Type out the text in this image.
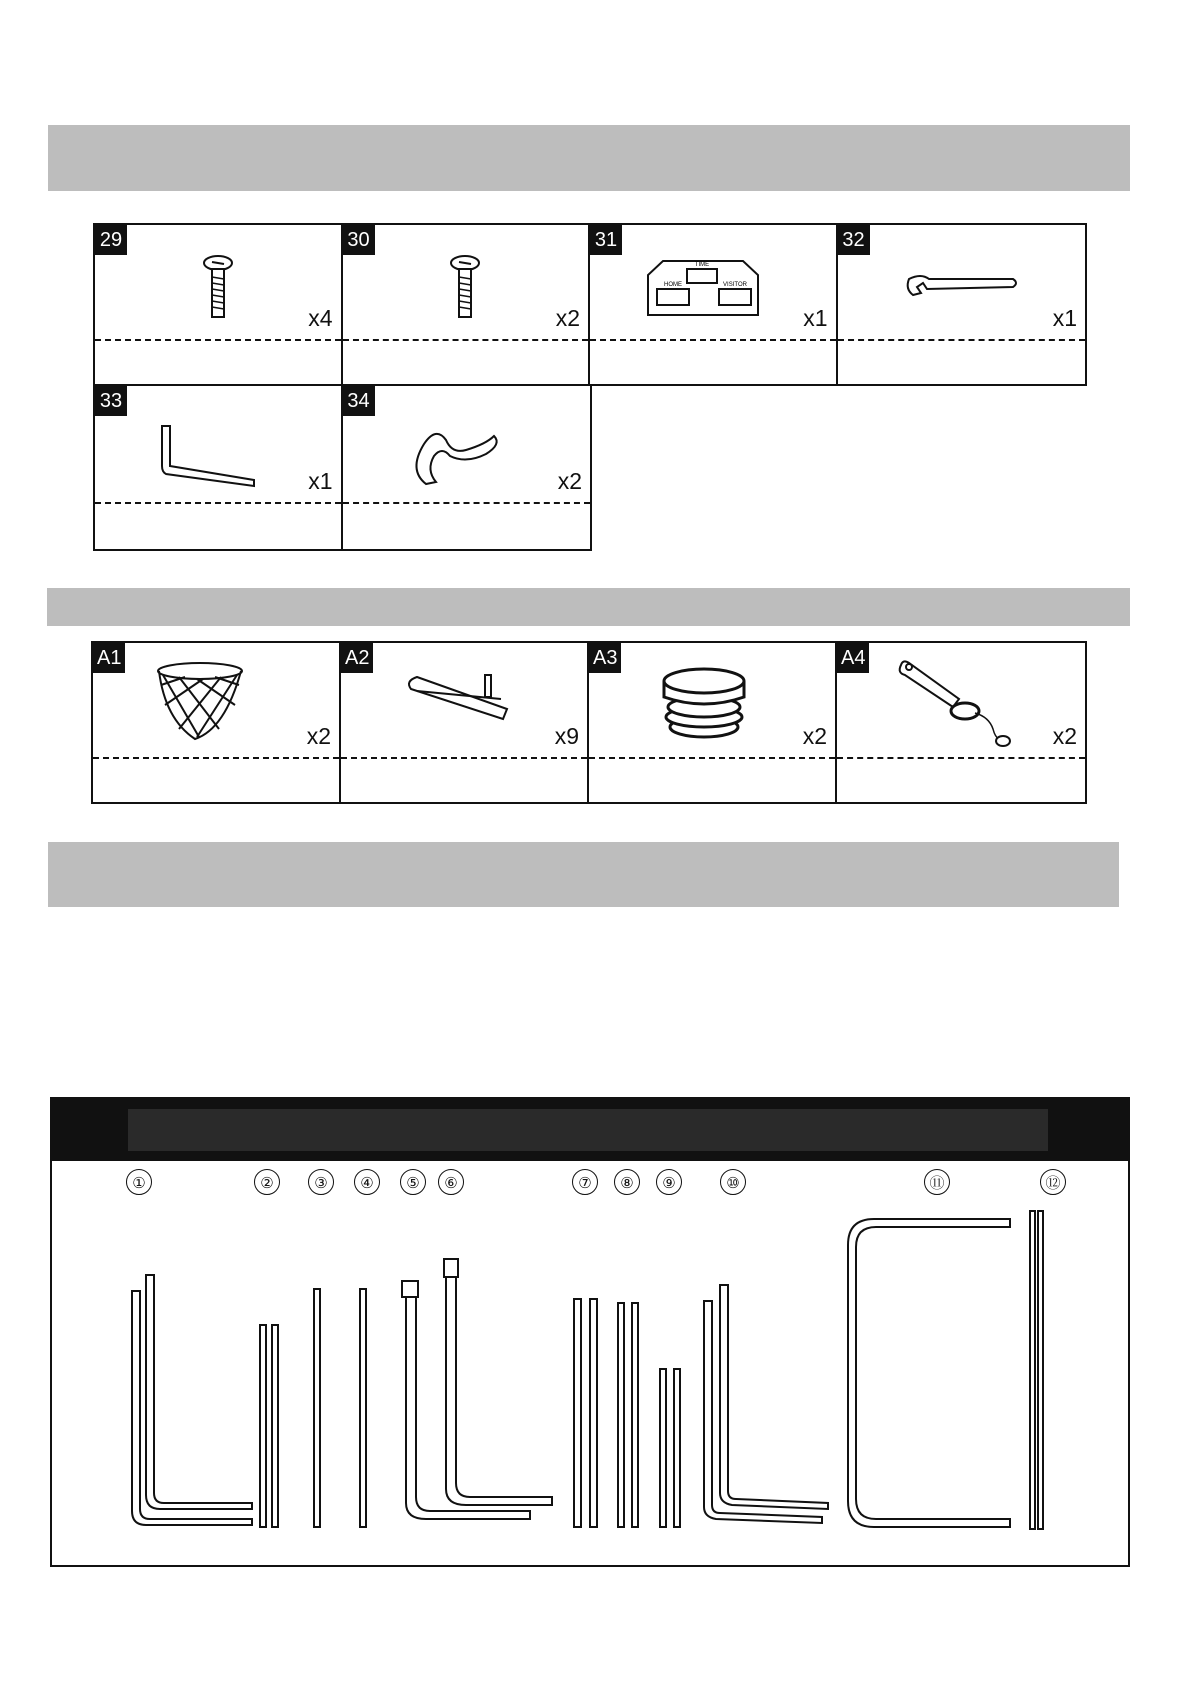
29
x4
30
x2
31
TIME
HOME	VISITOR
x1
32
x1
33
x1
34
x2
A1
x2
A2
x9
A3
x2
A4
x2
①	②	③	④	⑤	⑥	⑦	⑧	⑨	⑩	⑪	⑫
